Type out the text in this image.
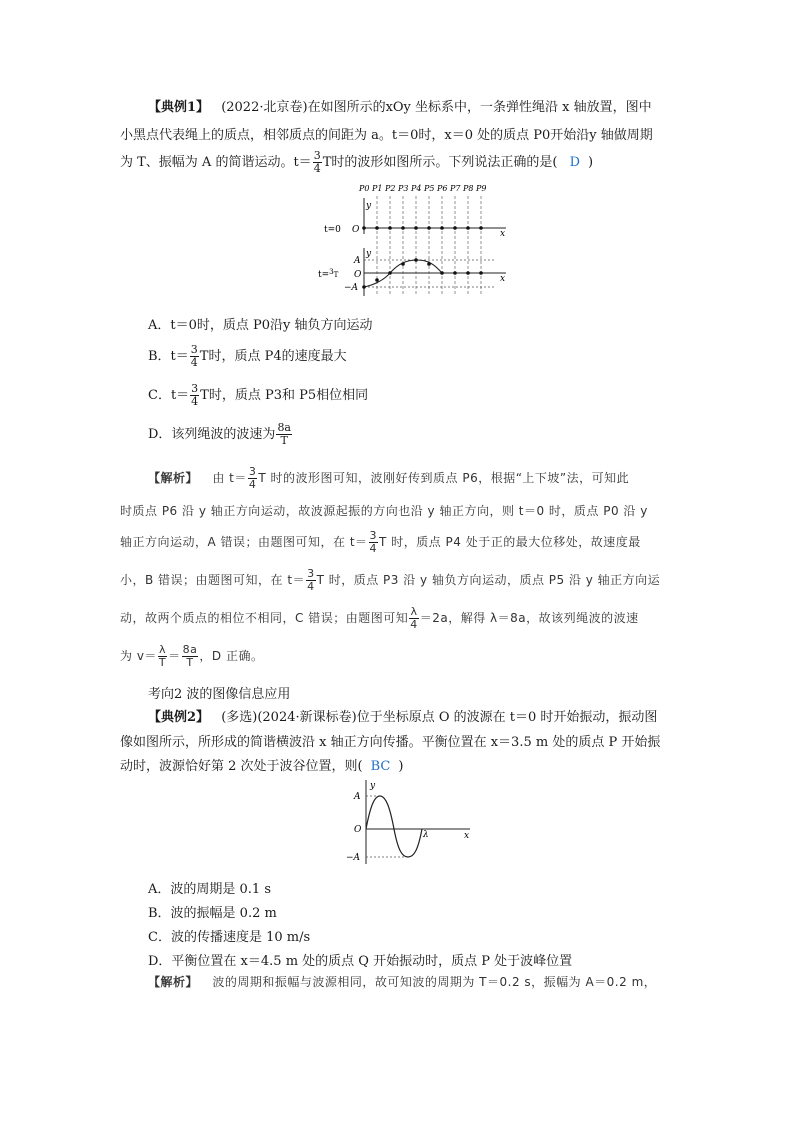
【典例1】 (2022·北京卷)在如图所示的xOy 坐标系中，一条弹性绳沿 x 轴放置，图中
小黑点代表绳上的质点，相邻质点的间距为 a。t＝0时，x＝0 处的质点 P0开始沿y 轴做周期
为 T、振幅为 A 的简谐运动。$t= \frac{3}{4}$ T时的波形如图所示。下列说法正确的是( D )
P0 P1 P2 P3 P4 P5 P6 P7 P8 P9
y
x
O
t=0
y
x
A
−A
O
t=$^3_T$
A．t＝0时，质点 P0沿y 轴负方向运动
B．$t= \frac{3}{4}$ T时，质点 P4的速度最大
C．$t= \frac{3}{4}$ T时，质点 P3和 P5相位相同
D．该列绳波的波速为 $\frac{8a}{T}$
【解析】 由 $t= \frac{3}{4}$ T 时的波形图可知，波刚好传到质点 P6，根据“上下坡”法，可知此
时质点 P6 沿 y 轴正方向运动，故波源起振的方向也沿 y 轴正方向，则 t＝0 时，质点 P0 沿 y
轴正方向运动，A 错误；由题图可知，在 $t= \frac{3}{4}$ T 时，质点 P4 处于正的最大位移处，故速度最
小，B 错误；由题图可知，在 $t= \frac{3}{4}$ T 时，质点 P3 沿 y 轴负方向运动，质点 P5 沿 y 轴正方向运
动，故两个质点的相位不相同，C 错误；由题图可知 $\frac{\lambda}{4} =2a$，解得 λ＝8a，故该列绳波的波速
为 $v= \frac{\lambda}{T} = \frac{8a}{T}$ ，D 正确。
考向2 波的图像信息应用
【典例2】 (多选)(2024·新课标卷)位于坐标原点 O 的波源在 t＝0 时开始振动，振动图
像如图所示，所形成的简谐横波沿 x 轴正方向传播。平衡位置在 x＝3.5 m 处的质点 P 开始振
动时，波源恰好第 2 次处于波谷位置，则( BC )
y
x
O
A
−A
λ
A．波的周期是 0.1 s
B．波的振幅是 0.2 m
C．波的传播速度是 10 m/s
D．平衡位置在 x＝4.5 m 处的质点 Q 开始振动时，质点 P 处于波峰位置
【解析】 波的周期和振幅与波源相同，故可知波的周期为 T＝0.2 s，振幅为 A＝0.2 m，
